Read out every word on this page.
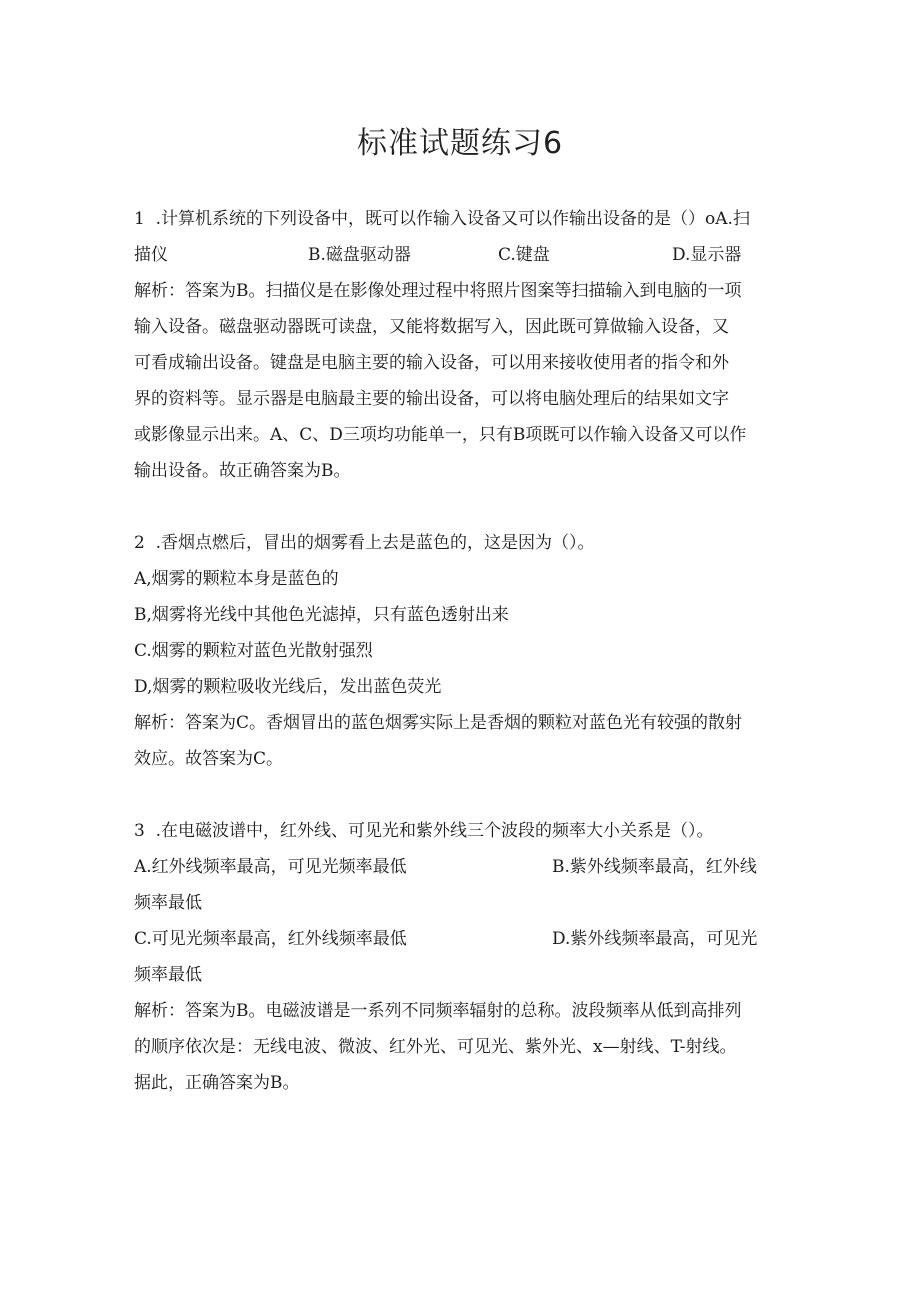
标准试题练习6
1  .计算机系统的下列设备中，既可以作输入设备又可以作输出设备的是（）oA.扫
描仪	B.磁盘驱动器	C.键盘	D.显示器
解析：答案为B。扫描仪是在影像处理过程中将照片图案等扫描输入到电脑的一项
输入设备。磁盘驱动器既可读盘，又能将数据写入，因此既可算做输入设备，又
可看成输出设备。键盘是电脑主要的输入设备，可以用来接收使用者的指令和外
界的资料等。显示器是电脑最主要的输出设备，可以将电脑处理后的结果如文字
或影像显示出来。A、C、D三项均功能单一，只有B项既可以作输入设备又可以作
输出设备。故正确答案为B。
2  .香烟点燃后，冒出的烟雾看上去是蓝色的，这是因为（）。
A,烟雾的颗粒本身是蓝色的
B,烟雾将光线中其他色光滤掉，只有蓝色透射出来
C.烟雾的颗粒对蓝色光散射强烈
D,烟雾的颗粒吸收光线后，发出蓝色荧光
解析：答案为C。香烟冒出的蓝色烟雾实际上是香烟的颗粒对蓝色光有较强的散射
效应。故答案为C。
3  .在电磁波谱中，红外线、可见光和紫外线三个波段的频率大小关系是（）。
A.红外线频率最高，可见光频率最低	B.紫外线频率最高，红外线
频率最低
C.可见光频率最高，红外线频率最低	D.紫外线频率最高，可见光
频率最低
解析：答案为B。电磁波谱是一系列不同频率辐射的总称。波段频率从低到高排列
的顺序依次是：无线电波、微波、红外光、可见光、紫外光、x—射线、T-射线。
据此，正确答案为B。
